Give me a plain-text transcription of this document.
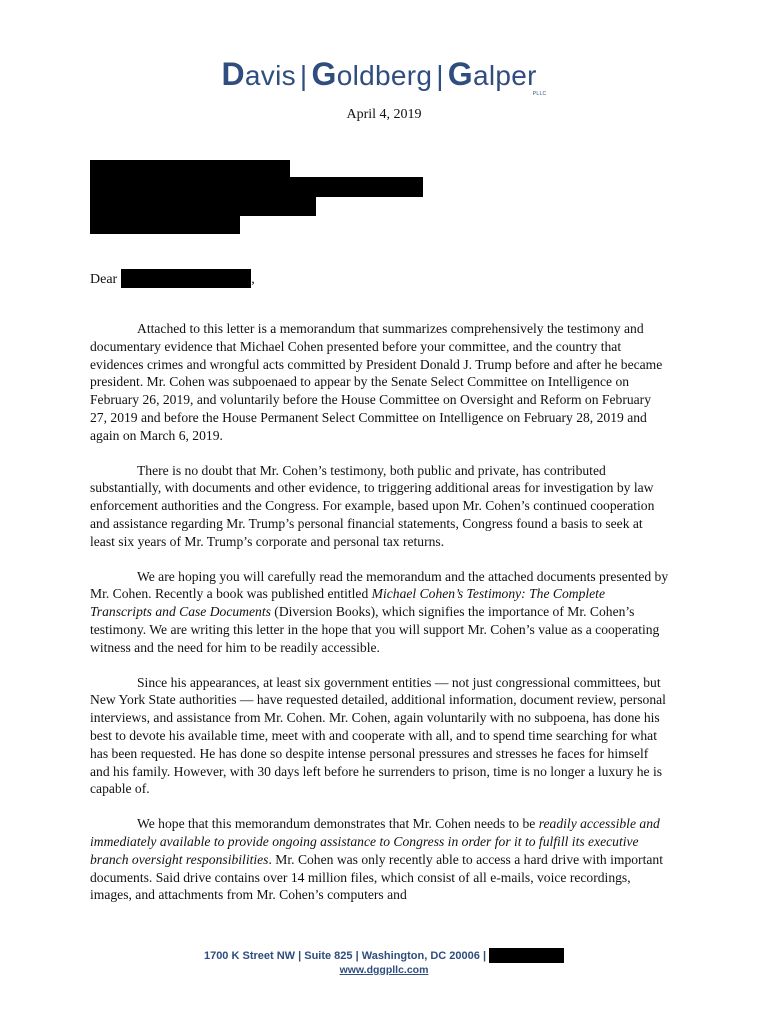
Davis | Goldberg | GalperPLLC
April 4, 2019
Dear	,

Attached to this letter is a memorandum that summarizes comprehensively the testimony and documentary evidence that Michael Cohen presented before your committee, and the country that evidences crimes and wrongful acts committed by President Donald J. Trump before and after he became president. Mr. Cohen was subpoenaed to appear by the Senate Select Committee on Intelligence on February 26, 2019, and voluntarily before the House Committee on Oversight and Reform on February 27, 2019 and before the House Permanent Select Committee on Intelligence on February 28, 2019 and again on March 6, 2019.

There is no doubt that Mr. Cohen’s testimony, both public and private, has contributed substantially, with documents and other evidence, to triggering additional areas for investigation by law enforcement authorities and the Congress. For example, based upon Mr. Cohen’s continued cooperation and assistance regarding Mr. Trump’s personal financial statements, Congress found a basis to seek at least six years of Mr. Trump’s corporate and personal tax returns.

We are hoping you will carefully read the memorandum and the attached documents presented by Mr. Cohen. Recently a book was published entitled Michael Cohen’s Testimony: The Complete Transcripts and Case Documents (Diversion Books), which signifies the importance of Mr. Cohen’s testimony. We are writing this letter in the hope that you will support Mr. Cohen’s value as a cooperating witness and the need for him to be readily accessible.

Since his appearances, at least six government entities — not just congressional committees, but New York State authorities — have requested detailed, additional information, document review, personal interviews, and assistance from Mr. Cohen. Mr. Cohen, again voluntarily with no subpoena, has done his best to devote his available time, meet with and cooperate with all, and to spend time searching for what has been requested. He has done so despite intense personal pressures and stresses he faces for himself and his family. However, with 30 days left before he surrenders to prison, time is no longer a luxury he is capable of.

We hope that this memorandum demonstrates that Mr. Cohen needs to be readily accessible and immediately available to provide ongoing assistance to Congress in order for it to fulfill its executive branch oversight responsibilities. Mr. Cohen was only recently able to access a hard drive with important documents. Said drive contains over 14 million files, which consist of all e-mails, voice recordings, images, and attachments from Mr. Cohen’s computers and

1700 K Street NW | Suite 825 | Washington, DC 20006 |
www.dggpllc.com
